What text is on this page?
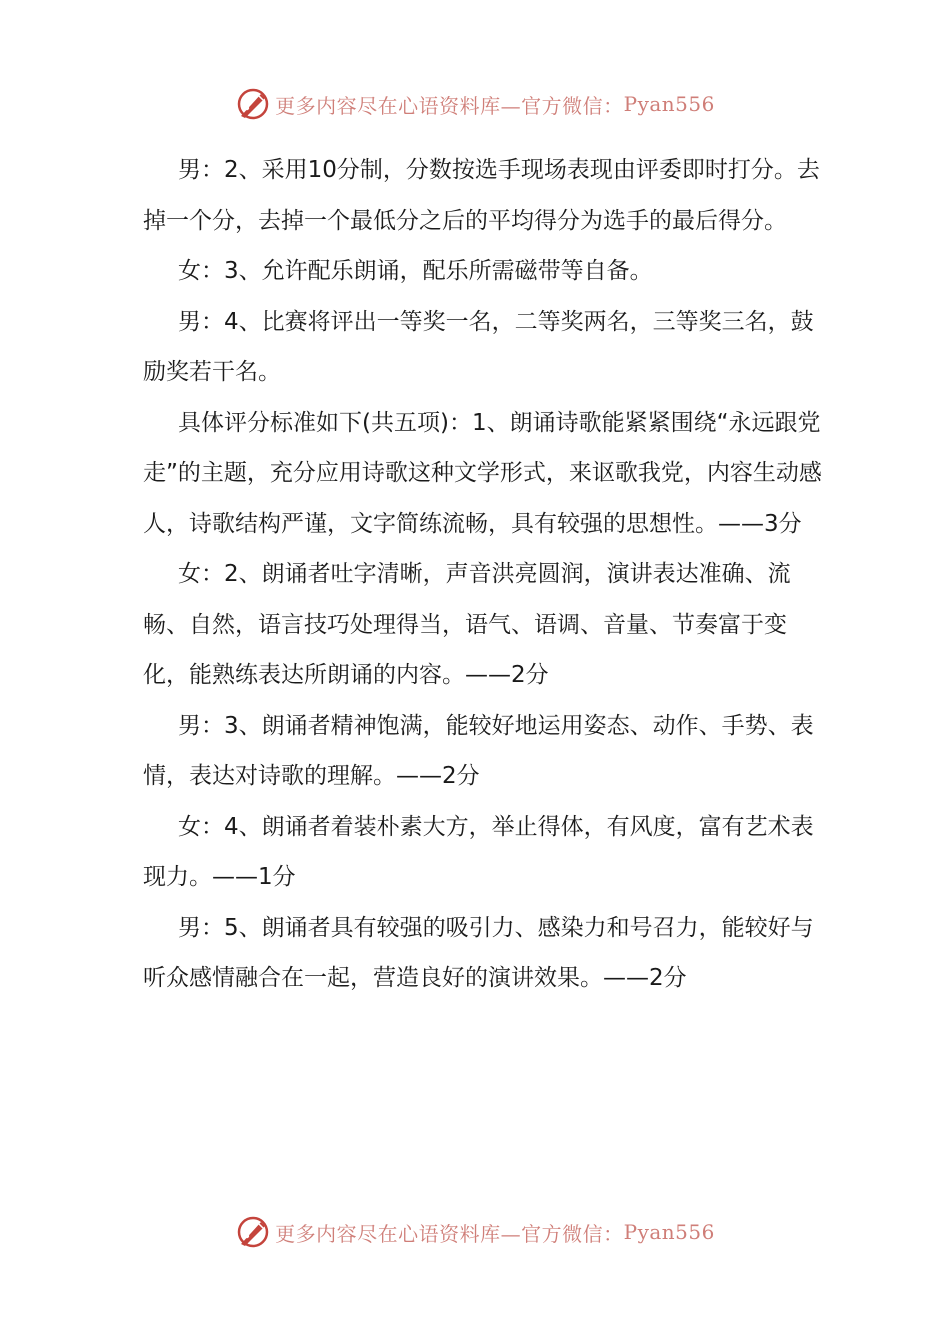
更多内容尽在心语资料库—官方微信： Pyan556

男：2、采用10分制，分数按选手现场表现由评委即时打分。去掉一个分，去掉一个最低分之后的平均得分为选手的最后得分。

女：3、允许配乐朗诵，配乐所需磁带等自备。

男：4、比赛将评出一等奖一名，二等奖两名，三等奖三名，鼓励奖若干名。

具体评分标准如下(共五项)：1、朗诵诗歌能紧紧围绕“永远跟党走”的主题，充分应用诗歌这种文学形式，来讴歌我党，内容生动感人，诗歌结构严谨，文字简练流畅，具有较强的思想性。——3分

女：2、朗诵者吐字清晰，声音洪亮圆润，演讲表达准确、流畅、自然，语言技巧处理得当，语气、语调、音量、节奏富于变化，能熟练表达所朗诵的内容。——2分

男：3、朗诵者精神饱满，能较好地运用姿态、动作、手势、表情，表达对诗歌的理解。——2分

女：4、朗诵者着装朴素大方，举止得体，有风度，富有艺术表现力。——1分

男：5、朗诵者具有较强的吸引力、感染力和号召力，能较好与听众感情融合在一起，营造良好的演讲效果。——2分

更多内容尽在心语资料库—官方微信： Pyan556
